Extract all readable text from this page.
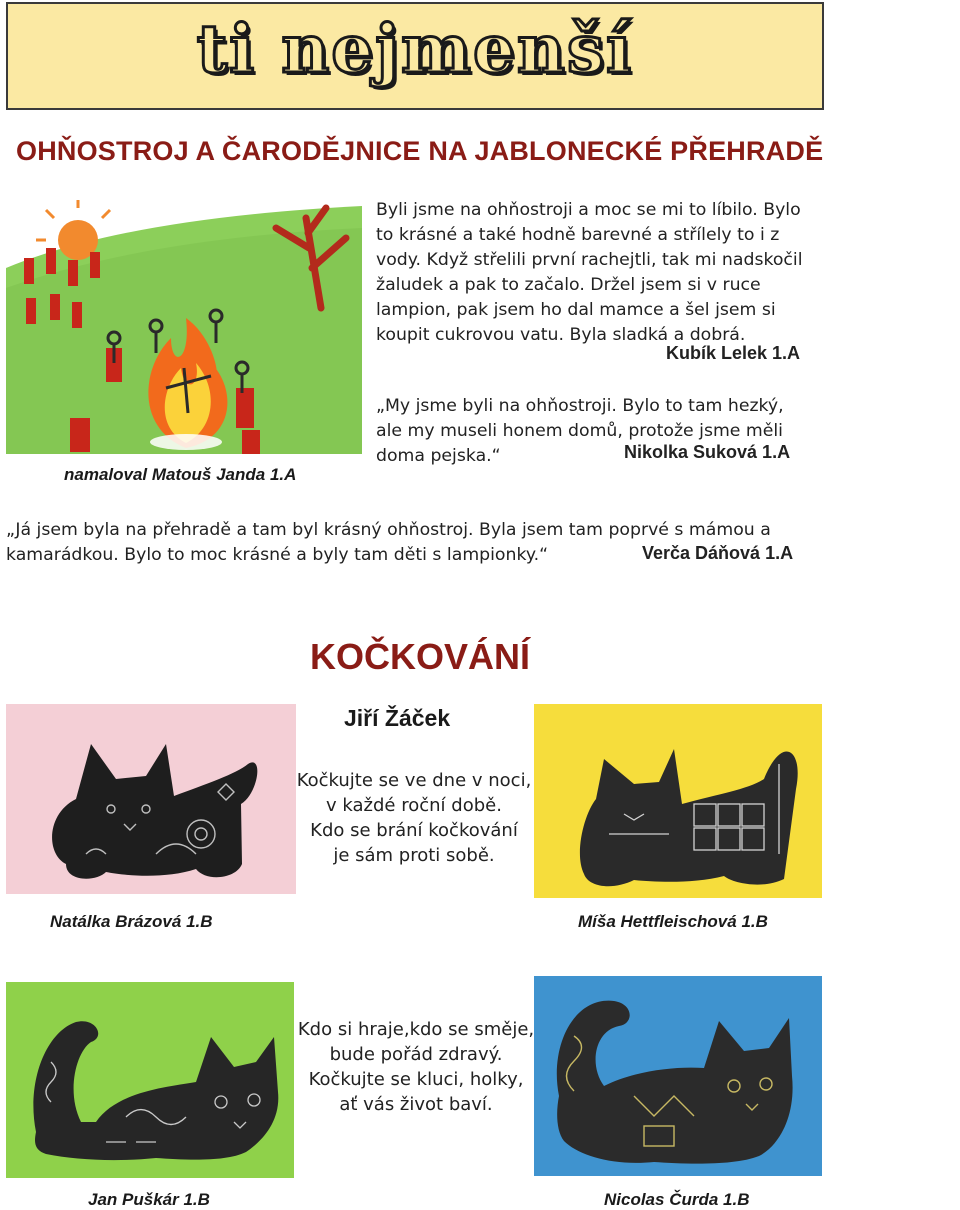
ti nejmenší
OHŇOSTROJ A ČARODĚJNICE NA JABLONECKÉ PŘEHRADĚ
namaloval Matouš Janda 1.A
Byli jsme na ohňostroji a moc se mi to líbilo. Bylo
to krásné a také hodně barevné a střílely to i z
vody. Když střelili první rachejtli, tak mi nadskočil
žaludek a pak to začalo. Držel jsem si v ruce
lampion, pak jsem ho dal mamce a šel jsem si
koupit cukrovou vatu. Byla sladká a dobrá.
Kubík Lelek 1.A
„My jsme byli na ohňostroji. Bylo to tam hezký,
ale my museli honem domů, protože jsme měli
doma pejska.“	Nikolka Suková 1.A
„Já jsem byla na přehradě a tam byl krásný ohňostroj. Byla jsem tam poprvé s mámou a
kamarádkou. Bylo to moc krásné a byly tam děti s lampionky.“	Verča Dáňová 1.A
KOČKOVÁNÍ
Jiří Žáček
Natálka Brázová 1.B
Kočkujte se ve dne v noci,
v každé roční době.
Kdo se brání kočkování
je sám proti sobě.
Míša Hettfleischová 1.B
Jan Puškár 1.B
Kdo si hraje,kdo se směje,
bude pořád zdravý.
Kočkujte se kluci, holky,
ať vás život baví.
Nicolas Čurda 1.B
